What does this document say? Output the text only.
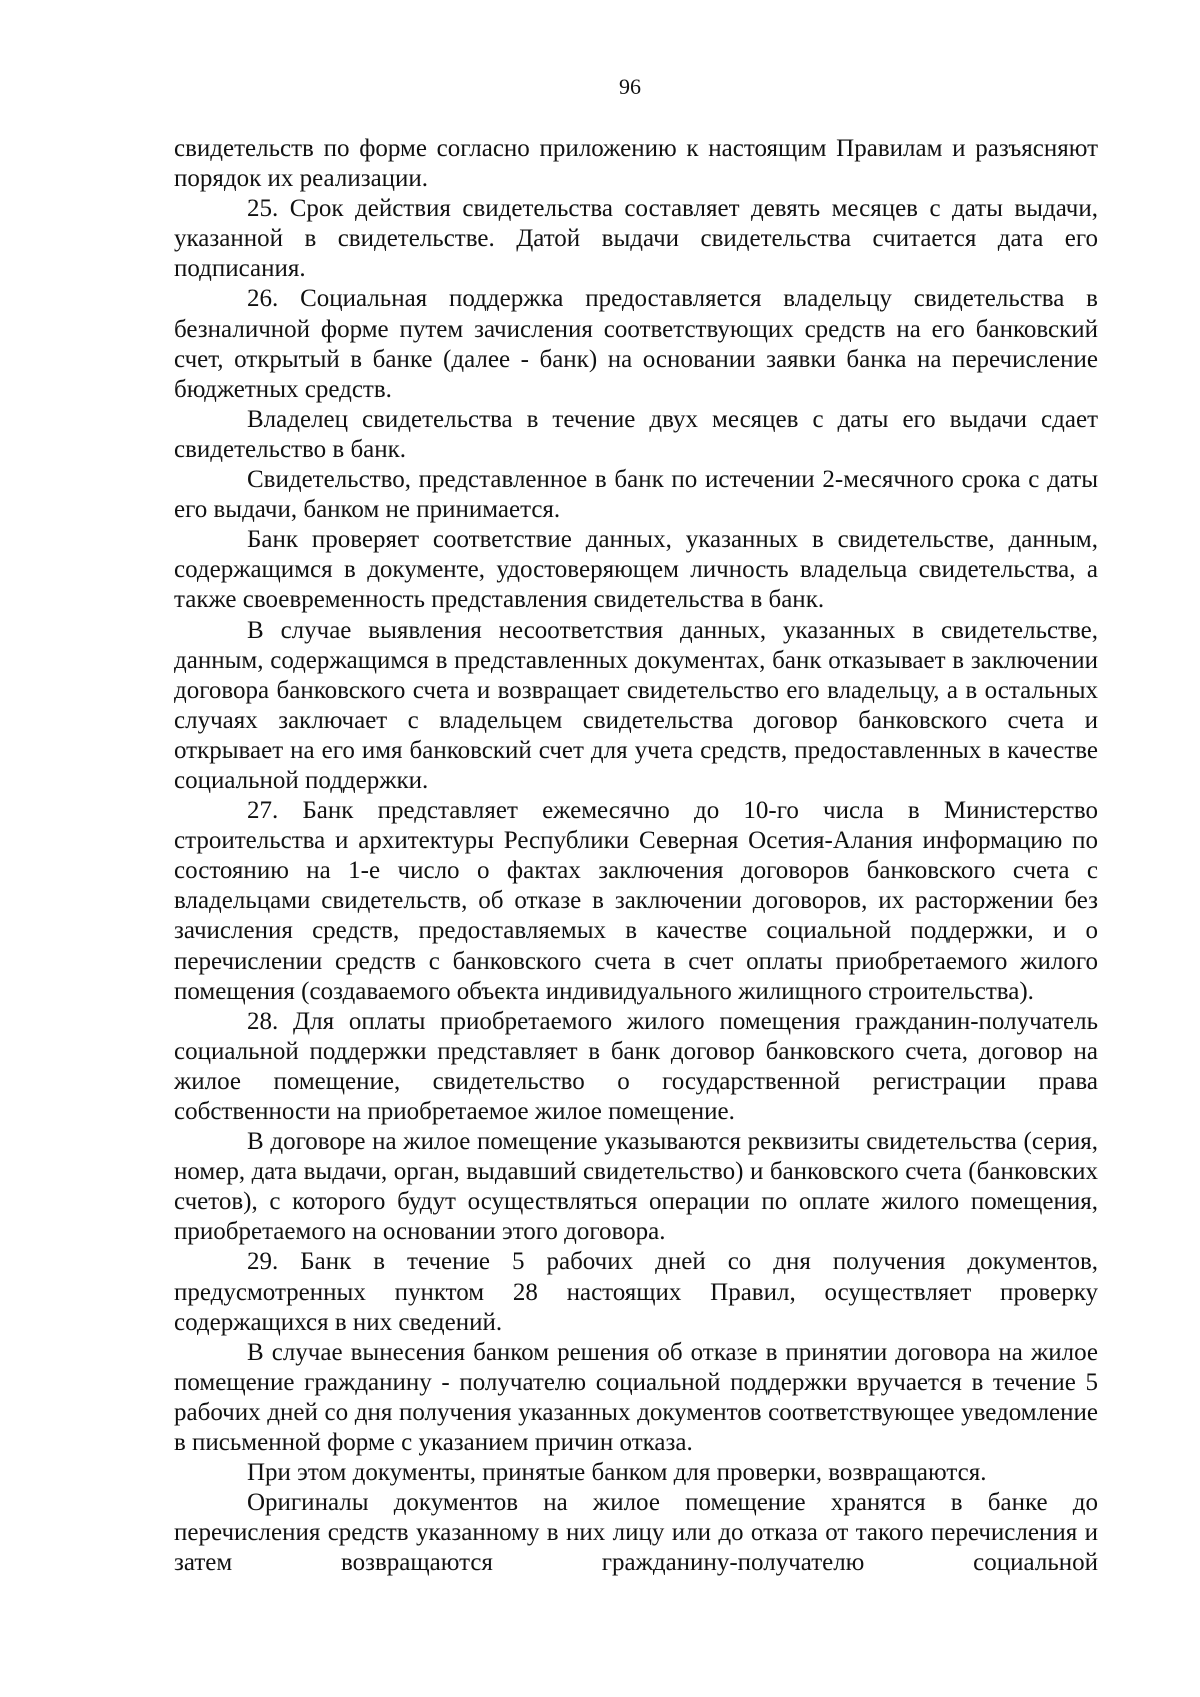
96

свидетельств по форме согласно приложению к настоящим Правилам и разъясняют порядок их реализации.

25. Срок действия свидетельства составляет девять месяцев с даты выдачи, указанной в свидетельстве. Датой выдачи свидетельства считается дата его подписания.

26. Социальная поддержка предоставляется владельцу свидетельства в безналичной форме путем зачисления соответствующих средств на его банковский счет, открытый в банке (далее - банк) на основании заявки банка на перечисление бюджетных средств.

Владелец свидетельства в течение двух месяцев с даты его выдачи сдает свидетельство в банк.

Свидетельство, представленное в банк по истечении 2-месячного срока с даты его выдачи, банком не принимается.

Банк проверяет соответствие данных, указанных в свидетельстве, данным, содержащимся в документе, удостоверяющем личность владельца свидетельства, а также своевременность представления свидетельства в банк.

В случае выявления несоответствия данных, указанных в свидетельстве, данным, содержащимся в представленных документах, банк отказывает в заключении договора банковского счета и возвращает свидетельство его владельцу, а в остальных случаях заключает с владельцем свидетельства договор банковского счета и открывает на его имя банковский счет для учета средств, предоставленных в качестве социальной поддержки.

27. Банк представляет ежемесячно до 10-го числа в Министерство строительства и архитектуры Республики Северная Осетия-Алания информацию по состоянию на 1-е число о фактах заключения договоров банковского счета с владельцами свидетельств, об отказе в заключении договоров, их расторжении без зачисления средств, предоставляемых в качестве социальной поддержки, и о перечислении средств с банковского счета в счет оплаты приобретаемого жилого помещения (создаваемого объекта индивидуального жилищного строительства).

28. Для оплаты приобретаемого жилого помещения гражданин-получатель социальной поддержки представляет в банк договор банковского счета, договор на жилое помещение, свидетельство о государственной регистрации права собственности на приобретаемое жилое помещение.

В договоре на жилое помещение указываются реквизиты свидетельства (серия, номер, дата выдачи, орган, выдавший свидетельство) и банковского счета (банковских счетов), с которого будут осуществляться операции по оплате жилого помещения, приобретаемого на основании этого договора.

29. Банк в течение 5 рабочих дней со дня получения документов, предусмотренных пунктом 28 настоящих Правил, осуществляет проверку содержащихся в них сведений.

В случае вынесения банком решения об отказе в принятии договора на жилое помещение гражданину - получателю социальной поддержки вручается в течение 5 рабочих дней со дня получения указанных документов соответствующее уведомление в письменной форме с указанием причин отказа.

При этом документы, принятые банком для проверки, возвращаются.

Оригиналы документов на жилое помещение хранятся в банке до перечисления средств указанному в них лицу или до отказа от такого перечисления и затем возвращаются гражданину-получателю социальной
